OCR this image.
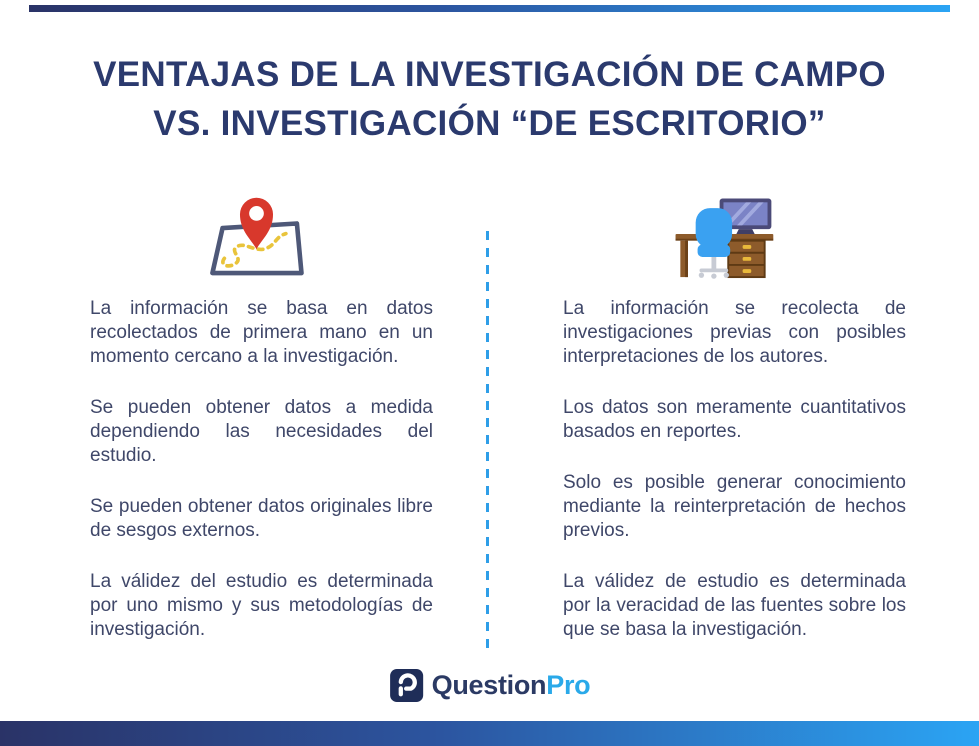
VENTAJAS DE LA INVESTIGACIÓN DE CAMPO
VS. INVESTIGACIÓN “DE ESCRITORIO”

La información se basa en datos recolectados de primera mano en un momento cercano a la investigación.

Se pueden obtener datos a medida dependiendo las necesidades del estudio.

Se pueden obtener datos originales libre de sesgos externos.

La válidez del estudio es determinada por uno mismo y sus metodologías de investigación.

La información se recolecta de investigaciones previas con posibles interpretaciones de los autores.

Los datos son meramente cuantitativos basados en reportes.

Solo es posible generar conocimiento mediante la reinterpretación de hechos previos.

La válidez de estudio es determinada por la veracidad de las fuentes sobre los que se basa la investigación.

QuestionPro
